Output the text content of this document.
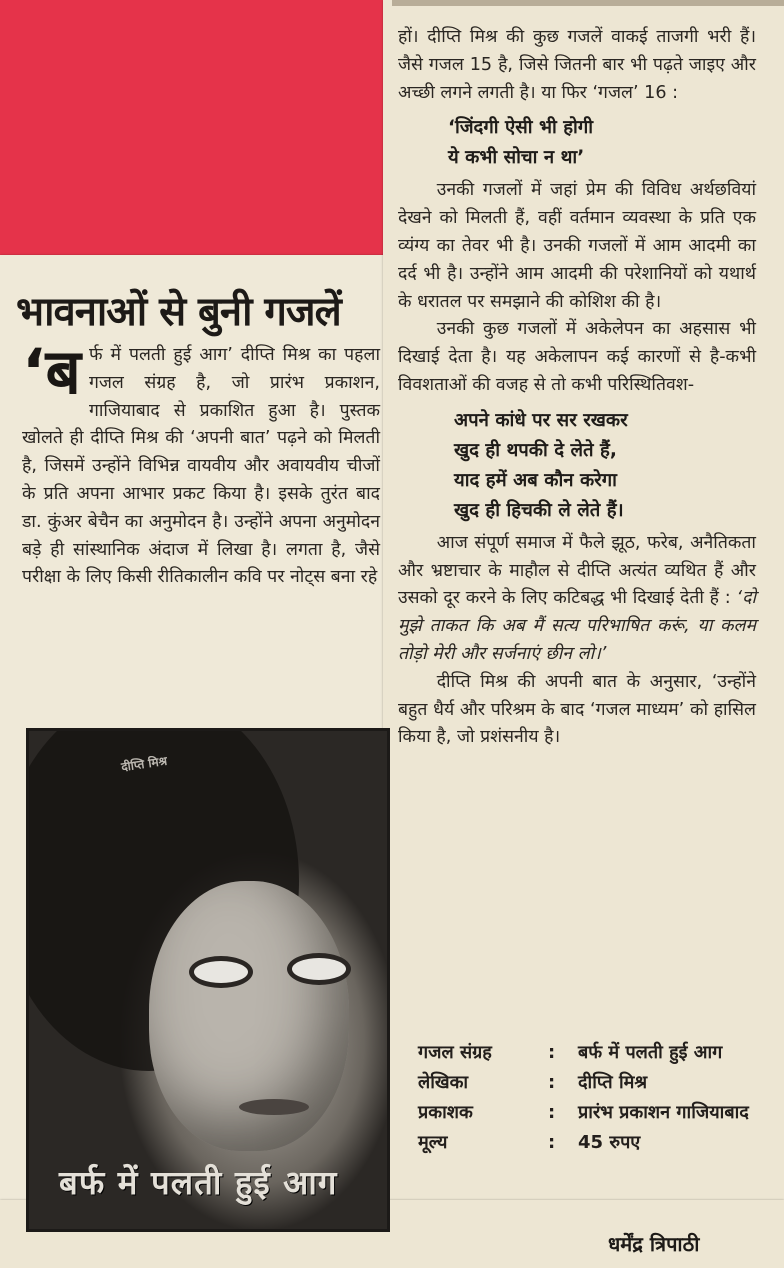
भावनाओं से बुनी गजलें

‘बर्फ में पलती हुई आग’ दीप्ति मिश्र का पहला गजल संग्रह है, जो प्रारंभ प्रकाशन, गाजियाबाद से प्रकाशित हुआ है। पुस्तक खोलते ही दीप्ति मिश्र की ‘अपनी बात’ पढ़ने को मिलती है, जिसमें उन्होंने विभिन्न वायवीय और अवायवीय चीजों के प्रति अपना आभार प्रकट किया है। इसके तुरंत बाद डा. कुंअर बेचैन का अनुमोदन है। उन्होंने अपना अनुमोदन बड़े ही सांस्थानिक अंदाज में लिखा है। लगता है, जैसे परीक्षा के लिए किसी रीतिकालीन कवि पर नोट्स बना रहे

दीप्ति मिश्र
बर्फ में पलती हुई आग

हों। दीप्ति मिश्र की कुछ गजलें वाकई ताजगी भरी हैं। जैसे गजल 15 है, जिसे जितनी बार भी पढ़ते जाइए और अच्छी लगने लगती है। या फिर ‘गजल’ 16 :

‘जिंदगी ऐसी भी होगी
ये कभी सोचा न था’

उनकी गजलों में जहां प्रेम की विविध अर्थछवियां देखने को मिलती हैं, वहीं वर्तमान व्यवस्था के प्रति एक व्यंग्य का तेवर भी है। उनकी गजलों में आम आदमी का दर्द भी है। उन्होंने आम आदमी की परेशानियों को यथार्थ के धरातल पर समझाने की कोशिश की है।

उनकी कुछ गजलों में अकेलेपन का अहसास भी दिखाई देता है। यह अकेलापन कई कारणों से है-कभी विवशताओं की वजह से तो कभी परिस्थितिवश-

अपने कांधे पर सर रखकर
खुद ही थपकी दे लेते हैं,
याद हमें अब कौन करेगा
खुद ही हिचकी ले लेते हैं।

आज संपूर्ण समाज में फैले झूठ, फरेब, अनैतिकता और भ्रष्टाचार के माहौल से दीप्ति अत्यंत व्यथित हैं और उसको दूर करने के लिए कटिबद्ध भी दिखाई देती हैं : ‘दो मुझे ताकत कि अब मैं सत्य परिभाषित करूं, या कलम तोड़ो मेरी और सर्जनाएं छीन लो।’

दीप्ति मिश्र की अपनी बात के अनुसार, ‘उन्होंने बहुत धैर्य और परिश्रम के बाद ‘गजल माध्यम’ को हासिल किया है, जो प्रशंसनीय है।

गजल संग्रह	:	बर्फ में पलती हुई आग
लेखिका	:	दीप्ति मिश्र
प्रकाशक	:	प्रारंभ प्रकाशन गाजियाबाद
मूल्य	:	45 रुपए
धर्मेंद्र त्रिपाठी
